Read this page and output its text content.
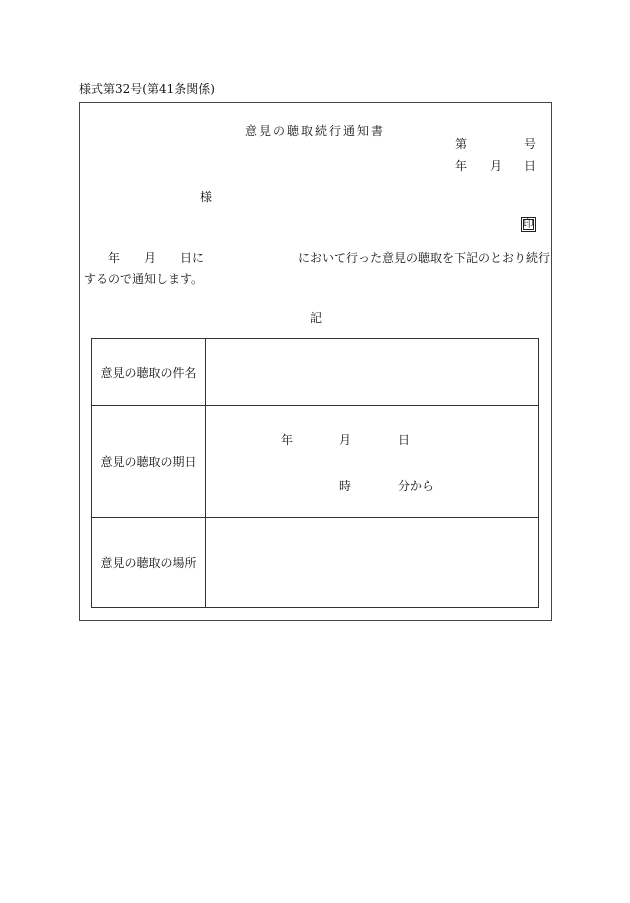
様式第32号(第41条関係)
意見の聴取続行通知書
第	号
年 月 日
様
印
年 月 日に	において行った意見の聴取を下記のとおり続行
するので通知します。
記
意見の聴取の件名	
意見の聴取の期日	年 月 日
時 分から

意見の聴取の場所	
